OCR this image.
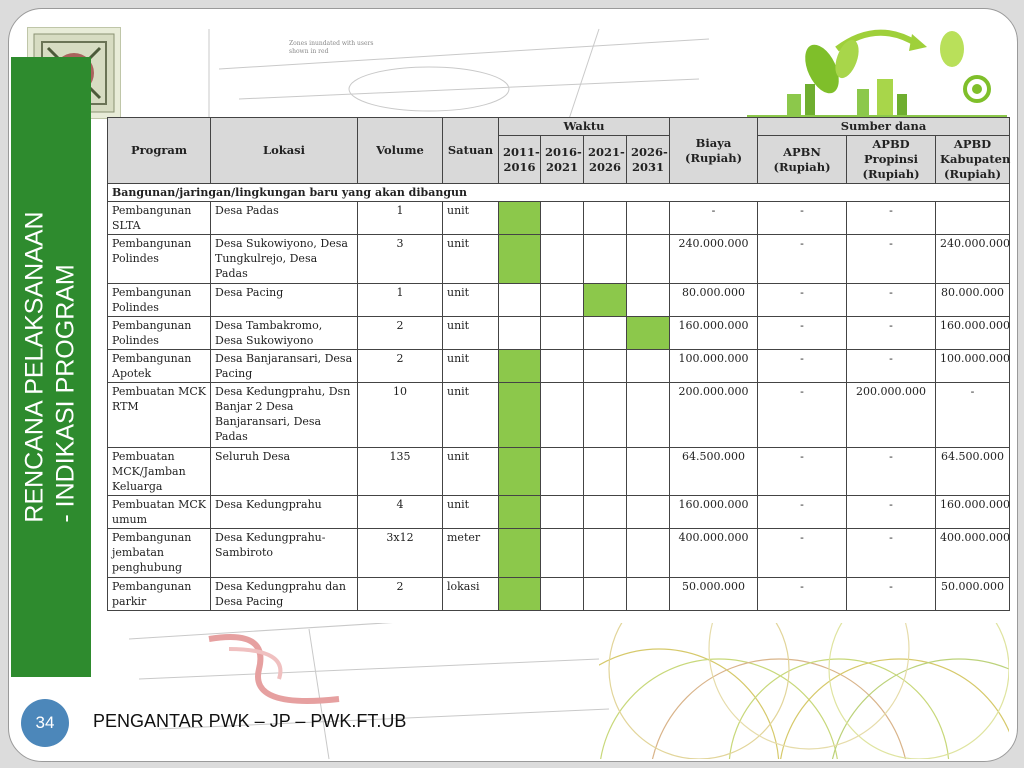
Zones inundated with users
shown in red
RENCANA PELAKSANAAN - INDIKASI PROGRAM
Program	Lokasi	Volume	Satuan	Waktu				Biaya (Rupiah)	Sumber dana		
				2011-2016	2016-2021	2021-2026	2026-2031		APBN (Rupiah)	APBD Propinsi (Rupiah)	APBD Kabupaten (Rupiah)
Bangunan/jaringan/lingkungan baru yang akan dibangun											
Pembangunan SLTA	Desa Padas	1	unit					-	-	-	
Pembangunan Polindes	Desa Sukowiyono, Desa Tungkulrejo, Desa Padas	3	unit					240.000.000	-	-	240.000.000
Pembangunan Polindes	Desa Pacing	1	unit					80.000.000	-	-	80.000.000
Pembangunan Polindes	Desa Tambakromo, Desa Sukowiyono	2	unit					160.000.000	-	-	160.000.000
Pembangunan Apotek	Desa Banjaransari, Desa Pacing	2	unit					100.000.000	-	-	100.000.000
Pembuatan MCK RTM	Desa Kedungprahu, Dsn Banjar 2 Desa Banjaransari, Desa Padas	10	unit					200.000.000	-	200.000.000	-
Pembuatan MCK/Jamban Keluarga	Seluruh Desa	135	unit					64.500.000	-	-	64.500.000
Pembuatan MCK umum	Desa Kedungprahu	4	unit					160.000.000	-	-	160.000.000
Pembangunan jembatan penghubung	Desa Kedungprahu-Sambiroto	3x12	meter					400.000.000	-	-	400.000.000
Pembangunan parkir	Desa Kedungprahu dan Desa Pacing	2	lokasi					50.000.000	-	-	50.000.000
34 PENGANTAR PWK – JP – PWK.FT.UB
